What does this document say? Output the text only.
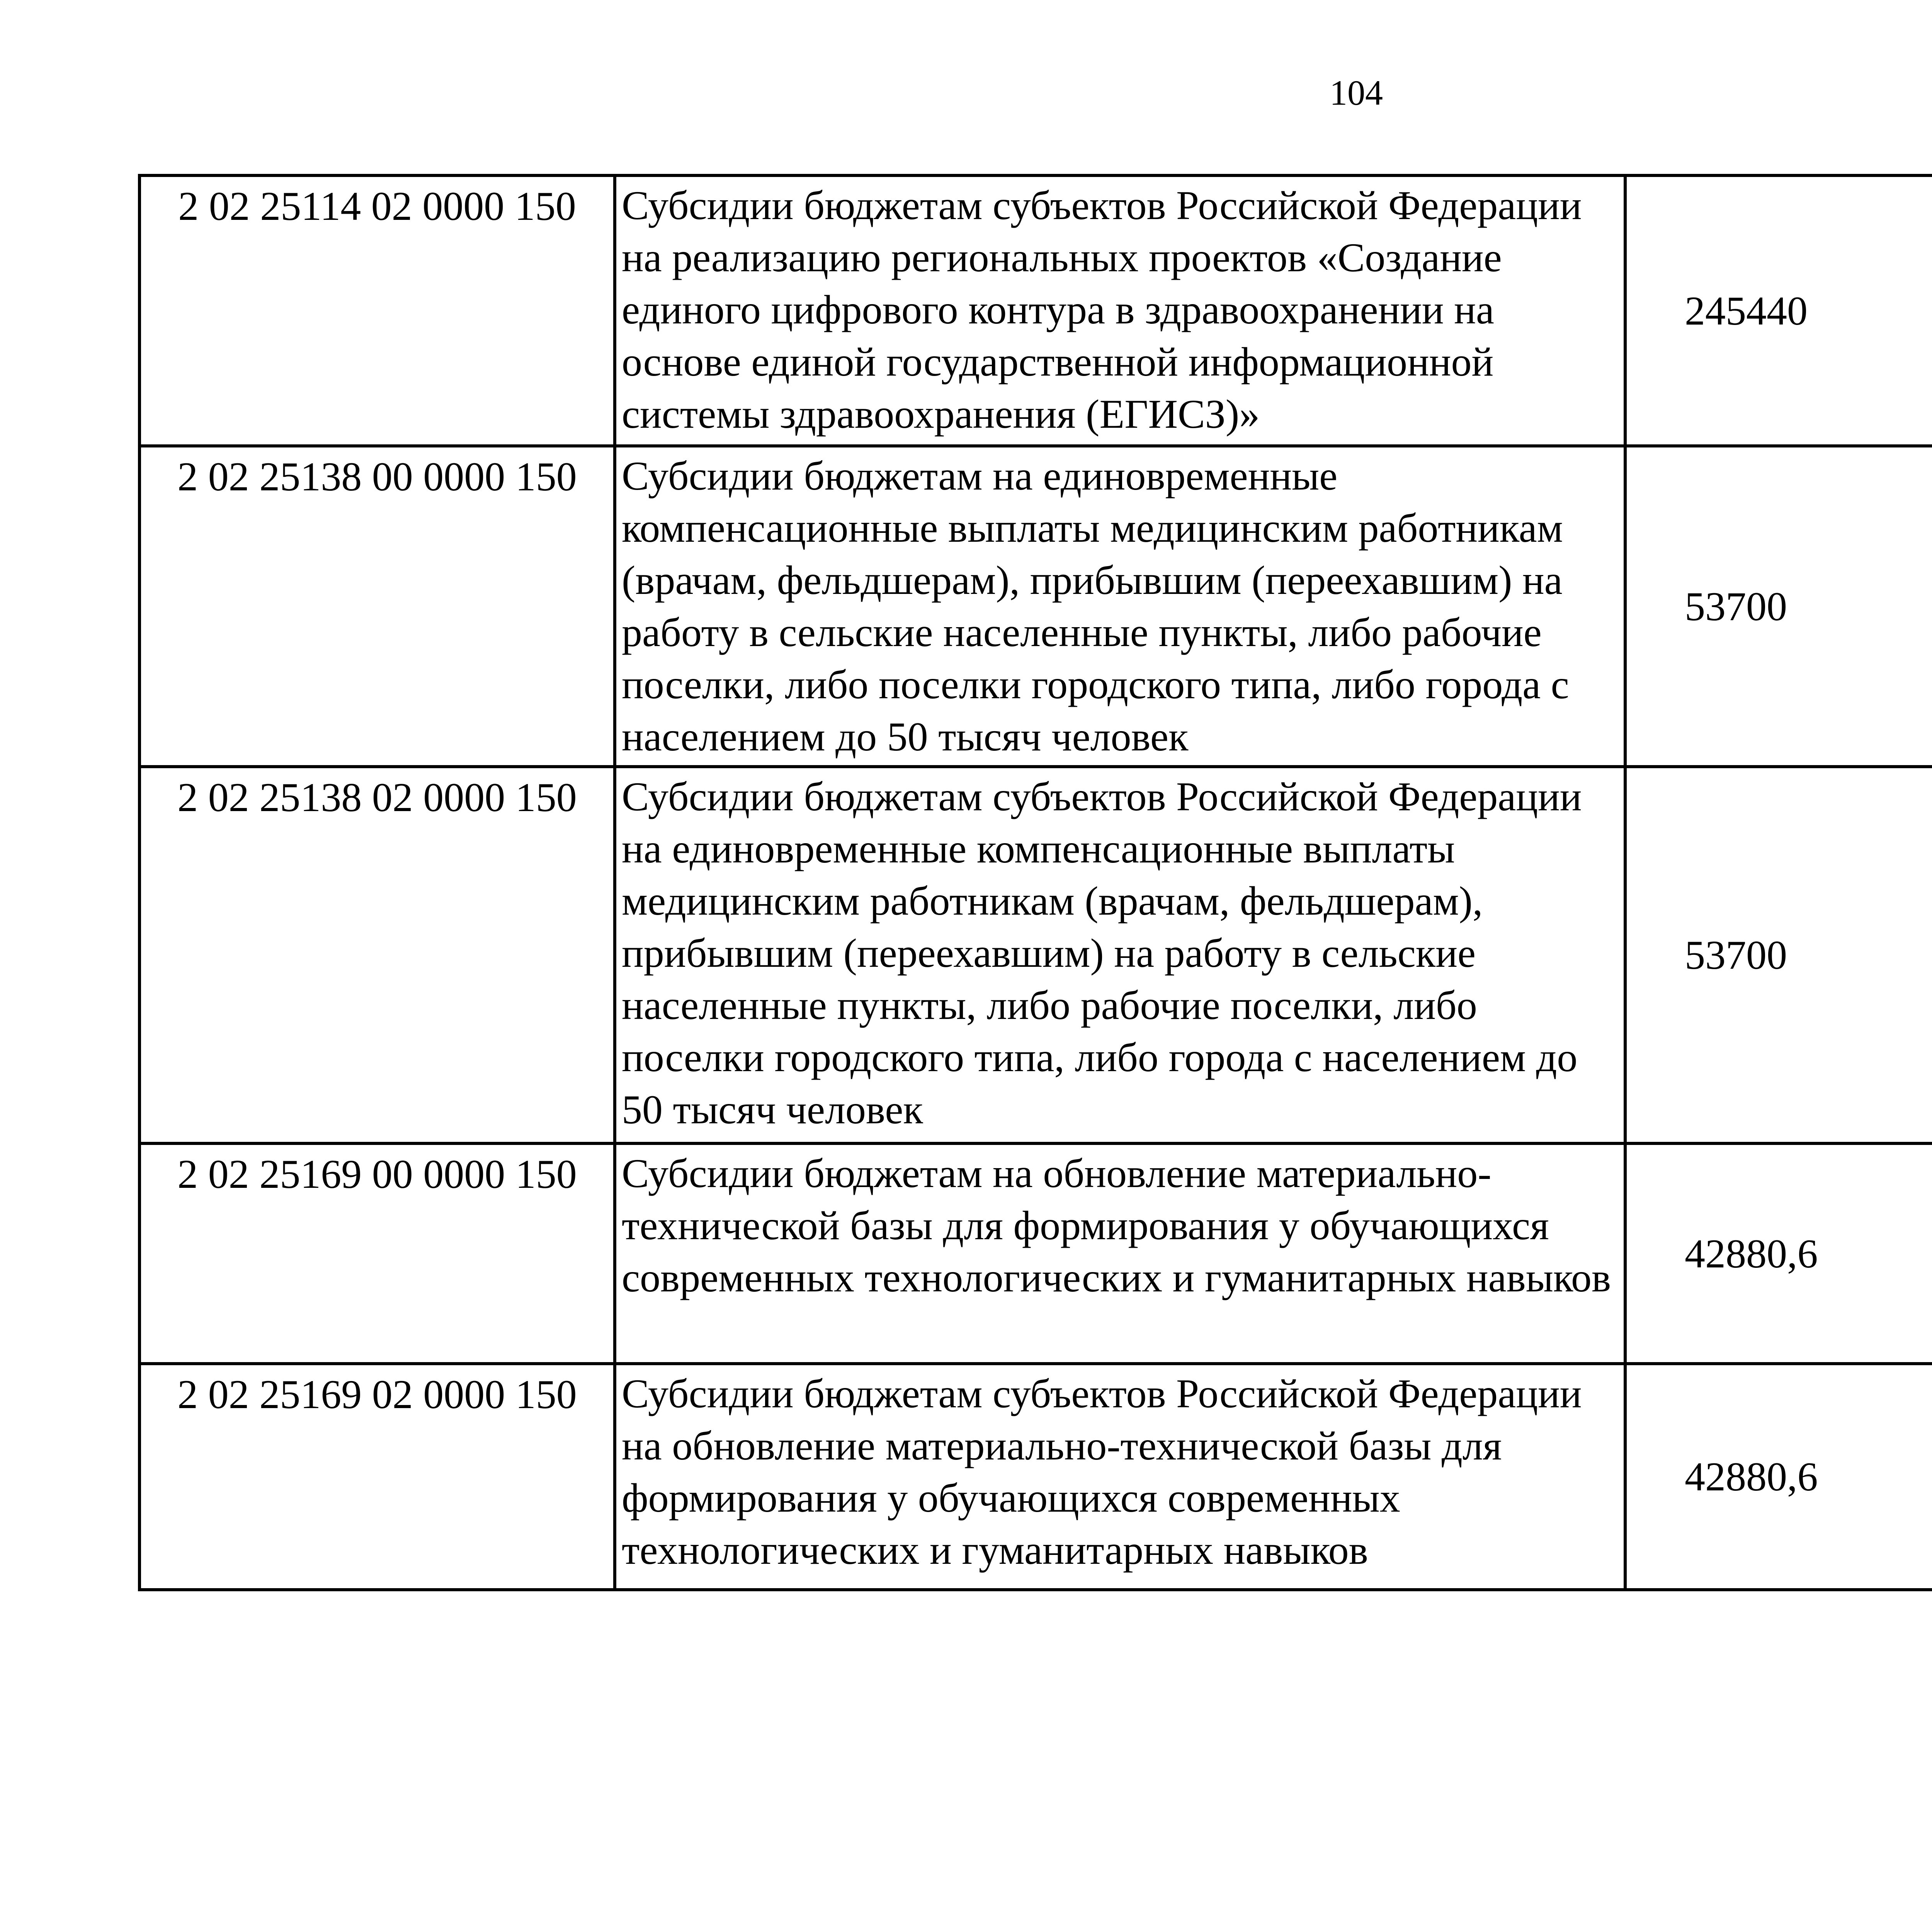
104
2 02 25114 02 0000 150	Субсидии бюджетам субъектов Российской Федерации на реализацию региональных проектов «Создание единого цифрового контура в здравоохранении на основе единой государственной информационной системы здравоохранения (ЕГИСЗ)»	245440		
2 02 25138 00 0000 150	Субсидии бюджетам на единовременные компенсационные выплаты медицинским работникам (врачам, фельдшерам), прибывшим (переехавшим) на работу в сельские населенные пункты, либо рабочие поселки, либо поселки городского типа, либо города с населением до 50 тысяч человек	53700		
2 02 25138 02 0000 150	Субсидии бюджетам субъектов Российской Федерации на единовременные компенсационные выплаты медицинским работникам (врачам, фельдшерам), прибывшим (переехавшим) на работу в сельские населенные пункты, либо рабочие поселки, либо поселки городского типа, либо города с населением до 50 тысяч человек	53700		
2 02 25169 00 0000 150	Субсидии бюджетам на обновление материально-технической базы для формирования у обучающихся современных технологических и гуманитарных навыков	42880,6		
2 02 25169 02 0000 150	Субсидии бюджетам субъектов Российской Федерации на обновление материально-технической базы для формирования у обучающихся современных технологических и гуманитарных навыков	42880,6		
